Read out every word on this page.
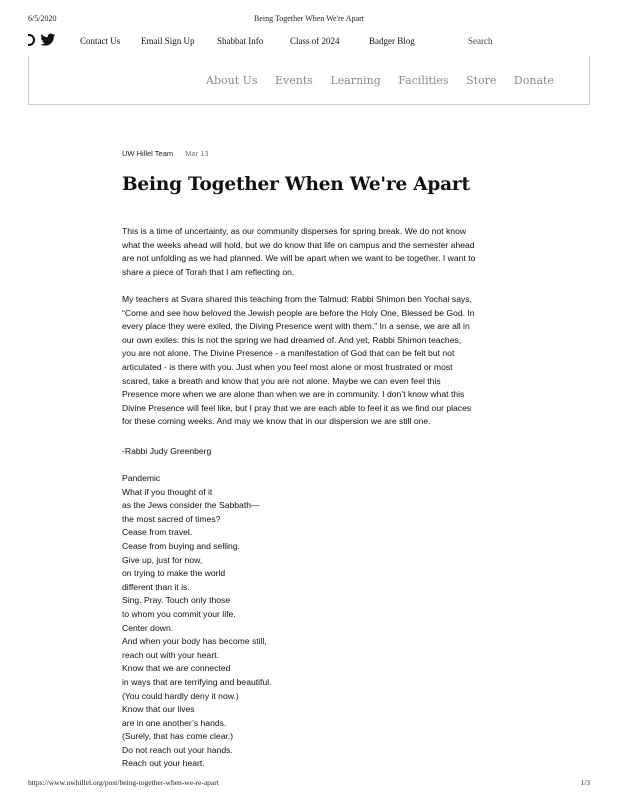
6/5/2020	Being Together When We're Apart
Contact Us Email Sign Up	Shabbat Info	Class of 2024	Badger Blog	Search
About Us Events Learning Facilities Store Donate
UW Hillel Team Mar 13
Being Together When We're Apart
This is a time of uncertainty, as our community disperses for spring break. We do not know
what the weeks ahead will hold, but we do know that life on campus and the semester ahead
are not unfolding as we had planned. We will be apart when we want to be together. I want to
share a piece of Torah that I am reflecting on.
My teachers at Svara shared this teaching from the Talmud: Rabbi Shimon ben Yochai says,
“Come and see how beloved the Jewish people are before the Holy One, Blessed be God. In
every place they were exiled, the Diving Presence went with them.” In a sense, we are all in
our own exiles: this is not the spring we had dreamed of. And yet, Rabbi Shimon teaches,
you are not alone. The Divine Presence - a manifestation of God that can be felt but not
articulated - is there with you. Just when you feel most alone or most frustrated or most
scared, take a breath and know that you are not alone. Maybe we can even feel this
Presence more when we are alone than when we are in community. I don’t know what this
Divine Presence will feel like, but I pray that we are each able to feel it as we find our places
for these coming weeks. And may we know that in our dispersion we are still one.
-Rabbi Judy Greenberg
Pandemic
What if you thought of it
as the Jews consider the Sabbath—
the most sacred of times?
Cease from travel.
Cease from buying and selling.
Give up, just for now,
on trying to make the world
different than it is.
Sing. Pray. Touch only those
to whom you commit your life.
Center down.
And when your body has become still,
reach out with your heart.
Know that we are connected
in ways that are terrifying and beautiful.
(You could hardly deny it now.)
Know that our lives
are in one another’s hands.
(Surely, that has come clear.)
Do not reach out your hands.
Reach out your heart.
https://www.uwhillel.org/post/being-together-when-we-re-apart	1/3
